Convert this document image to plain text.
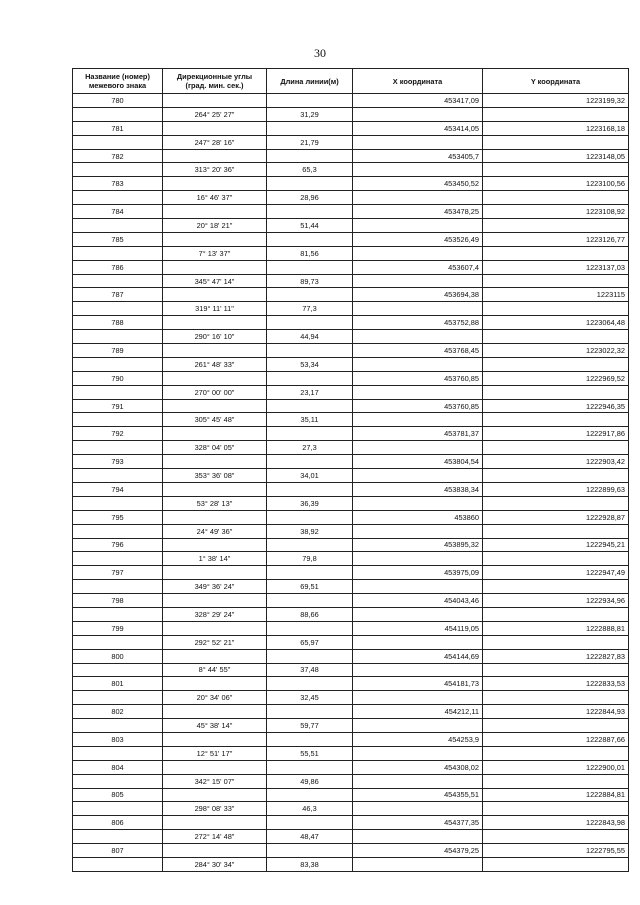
30
Название (номер) межевого знака	Дирекционные углы (град. мин. сек.)	Длина линии(м)	X координата	Y координата
780			453417,09	1223199,32
	264° 25' 27"	31,29		
781			453414,05	1223168,18
	247° 28' 16"	21,79		
782			453405,7	1223148,05
	313° 20' 36"	65,3		
783			453450,52	1223100,56
	16° 46' 37"	28,96		
784			453478,25	1223108,92
	20° 18' 21"	51,44		
785			453526,49	1223126,77
	7° 13' 37"	81,56		
786			453607,4	1223137,03
	345° 47' 14"	89,73		
787			453694,38	1223115
	319° 11' 11"	77,3		
788			453752,88	1223064,48
	290° 16' 10"	44,94		
789			453768,45	1223022,32
	261° 48' 33"	53,34		
790			453760,85	1222969,52
	270° 00' 00"	23,17		
791			453760,85	1222946,35
	305° 45' 48"	35,11		
792			453781,37	1222917,86
	328° 04' 05"	27,3		
793			453804,54	1222903,42
	353° 36' 08"	34,01		
794			453838,34	1222899,63
	53° 28' 13"	36,39		
795			453860	1222928,87
	24° 49' 36"	38,92		
796			453895,32	1222945,21
	1° 38' 14"	79,8		
797			453975,09	1222947,49
	349° 36' 24"	69,51		
798			454043,46	1222934,96
	328° 29' 24"	88,66		
799			454119,05	1222888,81
	292° 52' 21"	65,97		
800			454144,69	1222827,83
	8° 44' 55"	37,48		
801			454181,73	1222833,53
	20° 34' 06"	32,45		
802			454212,11	1222844,93
	45° 38' 14"	59,77		
803			454253,9	1222887,66
	12° 51' 17"	55,51		
804			454308,02	1222900,01
	342° 15' 07"	49,86		
805			454355,51	1222884,81
	298° 08' 33"	46,3		
806			454377,35	1222843,98
	272° 14' 48"	48,47		
807			454379,25	1222795,55
	284° 30' 34"	83,38		
